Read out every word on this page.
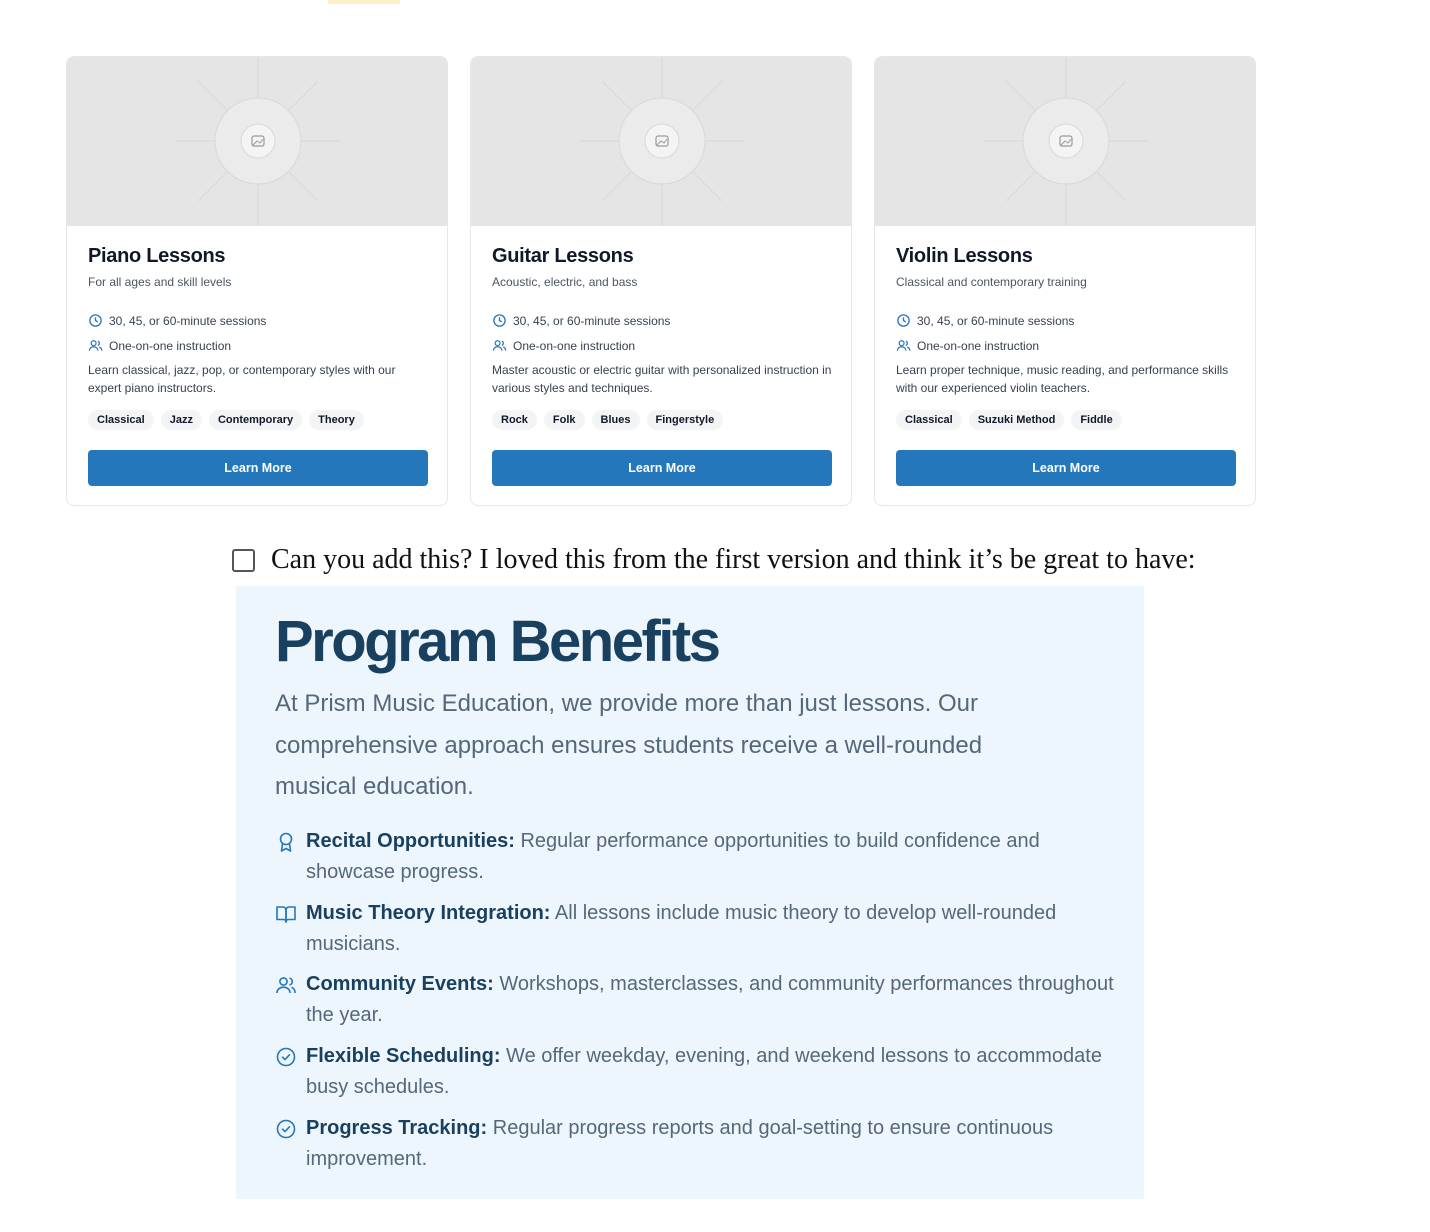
Piano Lessons
For all ages and skill levels
30, 45, or 60-minute sessions
One-on-one instruction
Learn classical, jazz, pop, or contemporary styles with our expert piano instructors.
Classical	Jazz	Contemporary	Theory
Learn More
Guitar Lessons
Acoustic, electric, and bass
30, 45, or 60-minute sessions
One-on-one instruction
Master acoustic or electric guitar with personalized instruction in various styles and techniques.
Rock	Folk	Blues	Fingerstyle
Learn More
Violin Lessons
Classical and contemporary training
30, 45, or 60-minute sessions
One-on-one instruction
Learn proper technique, music reading, and performance skills with our experienced violin teachers.
Classical	Suzuki Method	Fiddle
Learn More
Can you add this? I loved this from the first version and think it’s be great to have:
Program Benefits

At Prism Music Education, we provide more than just lessons. Our comprehensive approach ensures students receive a well-rounded musical education.

Recital Opportunities: Regular performance opportunities to build confidence and showcase progress.
Music Theory Integration: All lessons include music theory to develop well-rounded musicians.
Community Events: Workshops, masterclasses, and community performances throughout the year.
Flexible Scheduling: We offer weekday, evening, and weekend lessons to accommodate busy schedules.
Progress Tracking: Regular progress reports and goal-setting to ensure continuous improvement.
